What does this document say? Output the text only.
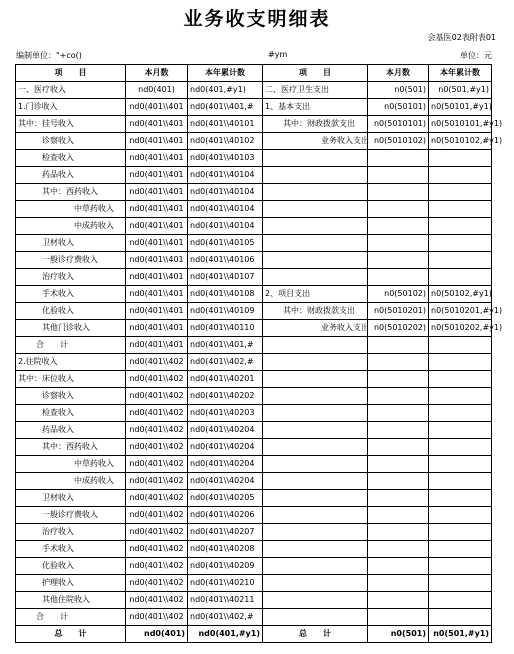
业务收支明细表
会基医02表附表01
编制单位："+co()	#ym	单位：元
项　　目	本月数	本年累计数	项　　目	本月数	本年累计数
一、医疗收入	nd0(401)	nd0(401,#y1)	二、医疗卫生支出	n0(501)	n0(501,#y1)
1.门诊收入	nd0(401\\401	nd0(401\\401,#	1、基本支出	n0(50101)	n0(50101,#y1)
其中：挂号收入	nd0(401\\401	nd0(401\\40101	其中：财政拨款支出	n0(5010101)	n0(5010101,#y1)
诊察收入	nd0(401\\401	nd0(401\\40102	业务收入支出	n0(5010102)	n0(5010102,#y1)
检查收入	nd0(401\\401	nd0(401\\40103			
药品收入	nd0(401\\401	nd0(401\\40104			
其中：西药收入	nd0(401\\401	nd0(401\\40104			
中草药收入	nd0(401\\401	nd0(401\\40104			
中成药收入	nd0(401\\401	nd0(401\\40104			
卫材收入	nd0(401\\401	nd0(401\\40105			
一般诊疗费收入	nd0(401\\401	nd0(401\\40106			
治疗收入	nd0(401\\401	nd0(401\\40107			
手术收入	nd0(401\\401	nd0(401\\40108	2、项目支出	n0(50102)	n0(50102,#y1)
化验收入	nd0(401\\401	nd0(401\\40109	其中：财政拨款支出	n0(5010201)	n0(5010201,#y1)
其他门诊收入	nd0(401\\401	nd0(401\\40110	业务收入支出	n0(5010202)	n0(5010202,#y1)
合　　计	nd0(401\\401	nd0(401\\401,#			
2.住院收入	nd0(401\\402	nd0(401\\402,#			
其中：床位收入	nd0(401\\402	nd0(401\\40201			
诊察收入	nd0(401\\402	nd0(401\\40202			
检查收入	nd0(401\\402	nd0(401\\40203			
药品收入	nd0(401\\402	nd0(401\\40204			
其中：西药收入	nd0(401\\402	nd0(401\\40204			
中草药收入	nd0(401\\402	nd0(401\\40204			
中成药收入	nd0(401\\402	nd0(401\\40204			
卫材收入	nd0(401\\402	nd0(401\\40205			
一般诊疗费收入	nd0(401\\402	nd0(401\\40206			
治疗收入	nd0(401\\402	nd0(401\\40207			
手术收入	nd0(401\\402	nd0(401\\40208			
化验收入	nd0(401\\402	nd0(401\\40209			
护理收入	nd0(401\\402	nd0(401\\40210			
其他住院收入	nd0(401\\402	nd0(401\\40211			
合　　计	nd0(401\\402	nd0(401\\402,#			
总　　计	nd0(401)	nd0(401,#y1)	总　　计	n0(501)	n0(501,#y1)
